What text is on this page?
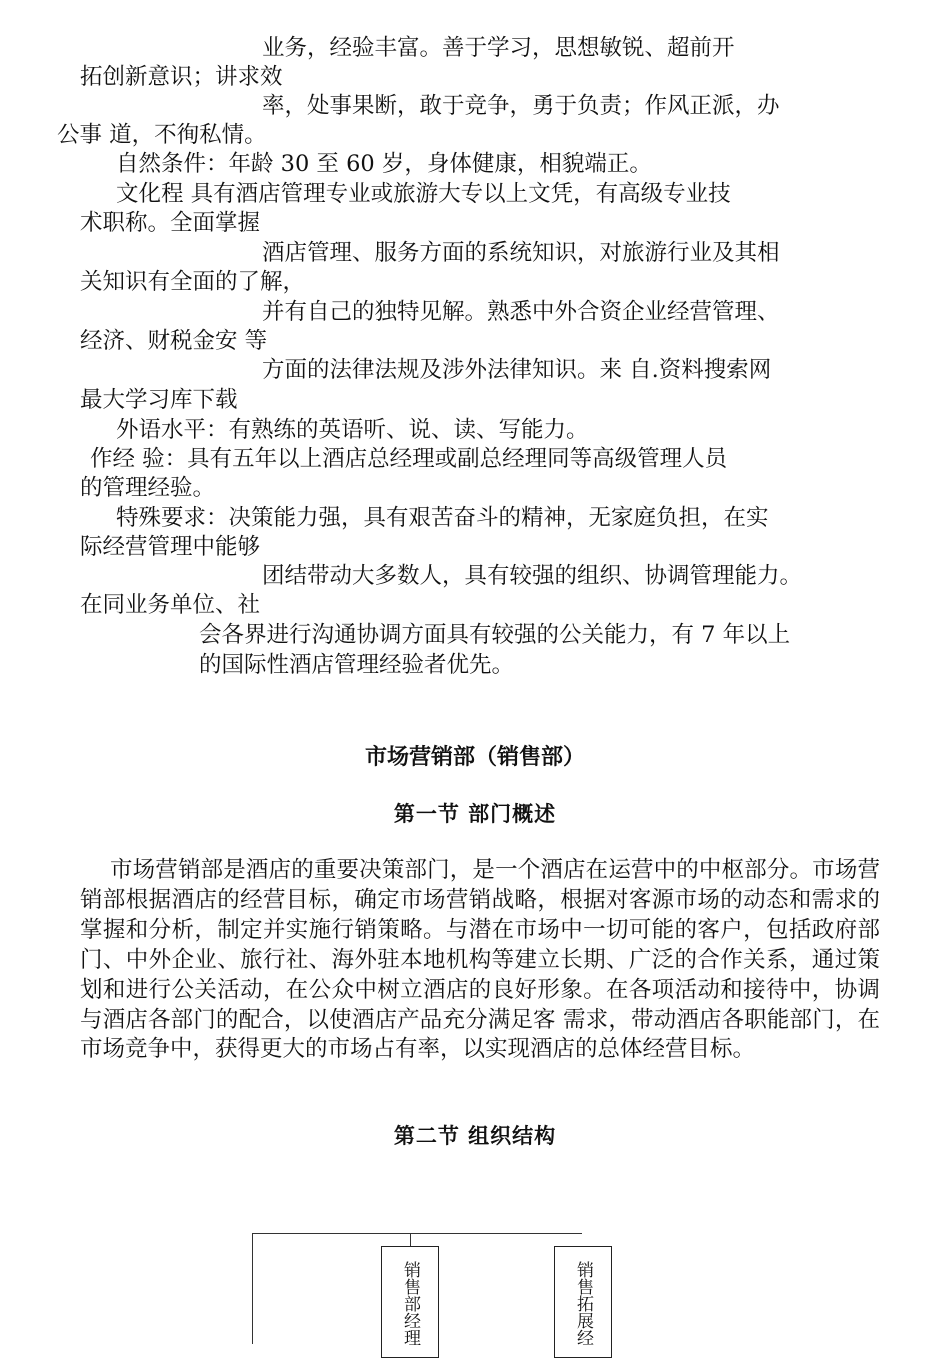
业务，经验丰富。善于学习，思想敏锐、超前开
拓创新意识；讲求效
率，处事果断，敢于竞争，勇于负责；作风正派，办
公事 道，不徇私情。
自然条件：年龄 30 至 60 岁，身体健康，相貌端正。
文化程 具有酒店管理专业或旅游大专以上文凭，有高级专业技
术职称。全面掌握
酒店管理、服务方面的系统知识，对旅游行业及其相
关知识有全面的了解，
并有自己的独特见解。熟悉中外合资企业经营管理、
经济、财税金安 等
方面的法律法规及涉外法律知识。来 自.资料搜索网
最大学习库下载
外语水平：有熟练的英语听、说、读、写能力。
作经 验：具有五年以上酒店总经理或副总经理同等高级管理人员
的管理经验。
特殊要求：决策能力强，具有艰苦奋斗的精神，无家庭负担，在实
际经营管理中能够
团结带动大多数人，具有较强的组织、协调管理能力。
在同业务单位、社
会各界进行沟通协调方面具有较强的公关能力，有 7 年以上
的国际性酒店管理经验者优先。
市场营销部（销售部）
第一节 部门概述
市场营销部是酒店的重要决策部门，是一个酒店在运营中的中枢部分。市场营销部根据酒店的经营目标，确定市场营销战略，根据对客源市场的动态和需求的掌握和分析，制定并实施行销策略。与潜在市场中一切可能的客户，包括政府部门、中外企业、旅行社、海外驻本地机构等建立长期、广泛的合作关系，通过策划和进行公关活动，在公众中树立酒店的良好形象。在各项活动和接待中，协调与酒店各部门的配合，以使酒店产品充分满足客 需求，带动酒店各职能部门，在市场竞争中，获得更大的市场占有率，以实现酒店的总体经营目标。
第二节 组织结构
销售部经理	销售拓展经
